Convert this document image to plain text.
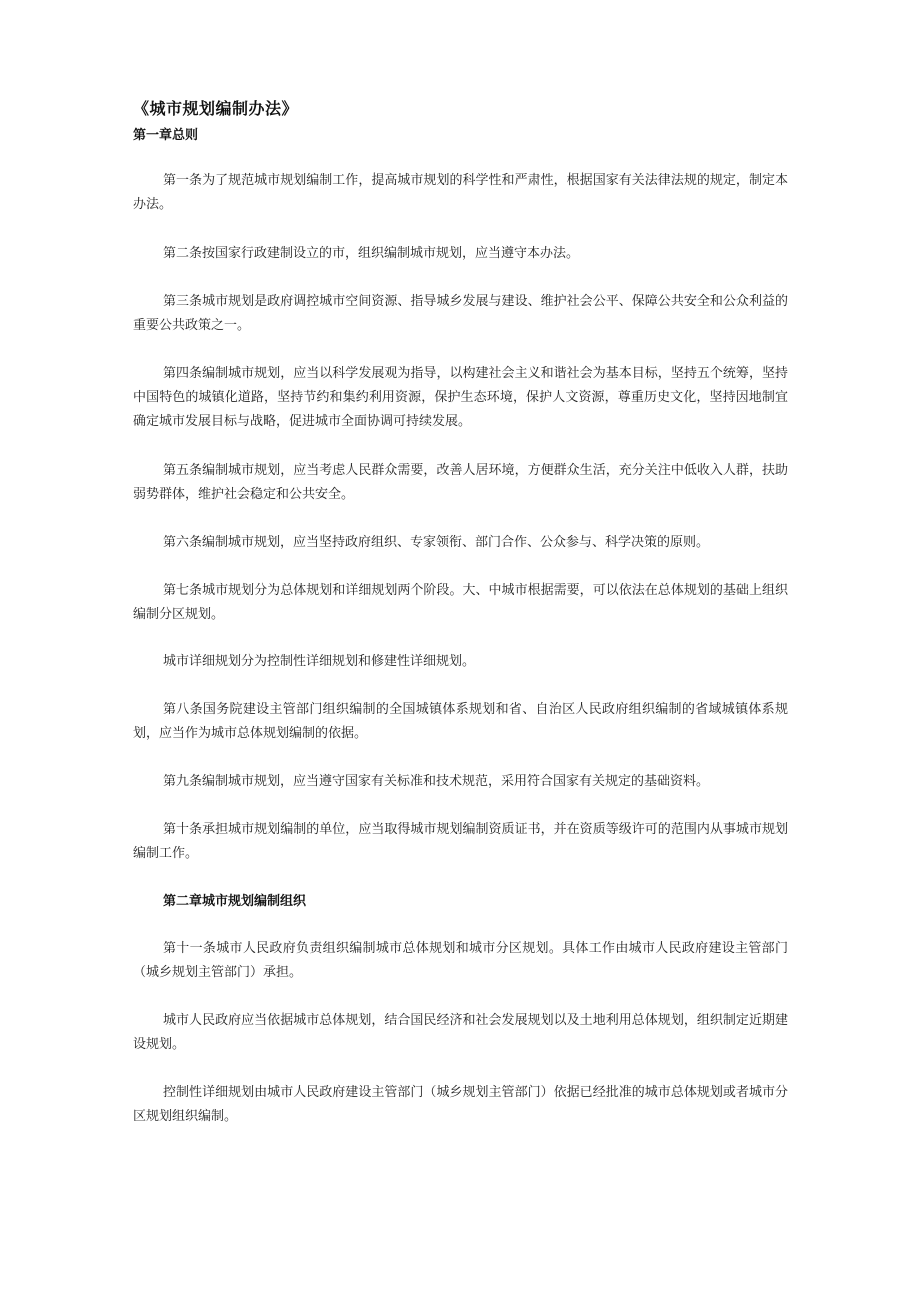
《城市规划编制办法》
第一章总则

第一条为了规范城市规划编制工作，提高城市规划的科学性和严肃性，根据国家有关法律法规的规定，制定本办法。

第二条按国家行政建制设立的市，组织编制城市规划，应当遵守本办法。

第三条城市规划是政府调控城市空间资源、指导城乡发展与建设、维护社会公平、保障公共安全和公众利益的重要公共政策之一。

第四条编制城市规划，应当以科学发展观为指导，以构建社会主义和谐社会为基本目标，坚持五个统筹，坚持中国特色的城镇化道路，坚持节约和集约利用资源，保护生态环境，保护人文资源，尊重历史文化，坚持因地制宜确定城市发展目标与战略，促进城市全面协调可持续发展。

第五条编制城市规划，应当考虑人民群众需要，改善人居环境，方便群众生活，充分关注中低收入人群，扶助弱势群体，维护社会稳定和公共安全。

第六条编制城市规划，应当坚持政府组织、专家领衔、部门合作、公众参与、科学决策的原则。

第七条城市规划分为总体规划和详细规划两个阶段。大、中城市根据需要，可以依法在总体规划的基础上组织编制分区规划。

城市详细规划分为控制性详细规划和修建性详细规划。

第八条国务院建设主管部门组织编制的全国城镇体系规划和省、自治区人民政府组织编制的省域城镇体系规划，应当作为城市总体规划编制的依据。

第九条编制城市规划，应当遵守国家有关标准和技术规范，采用符合国家有关规定的基础资料。

第十条承担城市规划编制的单位，应当取得城市规划编制资质证书，并在资质等级许可的范围内从事城市规划编制工作。

第二章城市规划编制组织

第十一条城市人民政府负责组织编制城市总体规划和城市分区规划。具体工作由城市人民政府建设主管部门（城乡规划主管部门）承担。

城市人民政府应当依据城市总体规划，结合国民经济和社会发展规划以及土地利用总体规划，组织制定近期建设规划。

控制性详细规划由城市人民政府建设主管部门（城乡规划主管部门）依据已经批准的城市总体规划或者城市分区规划组织编制。
